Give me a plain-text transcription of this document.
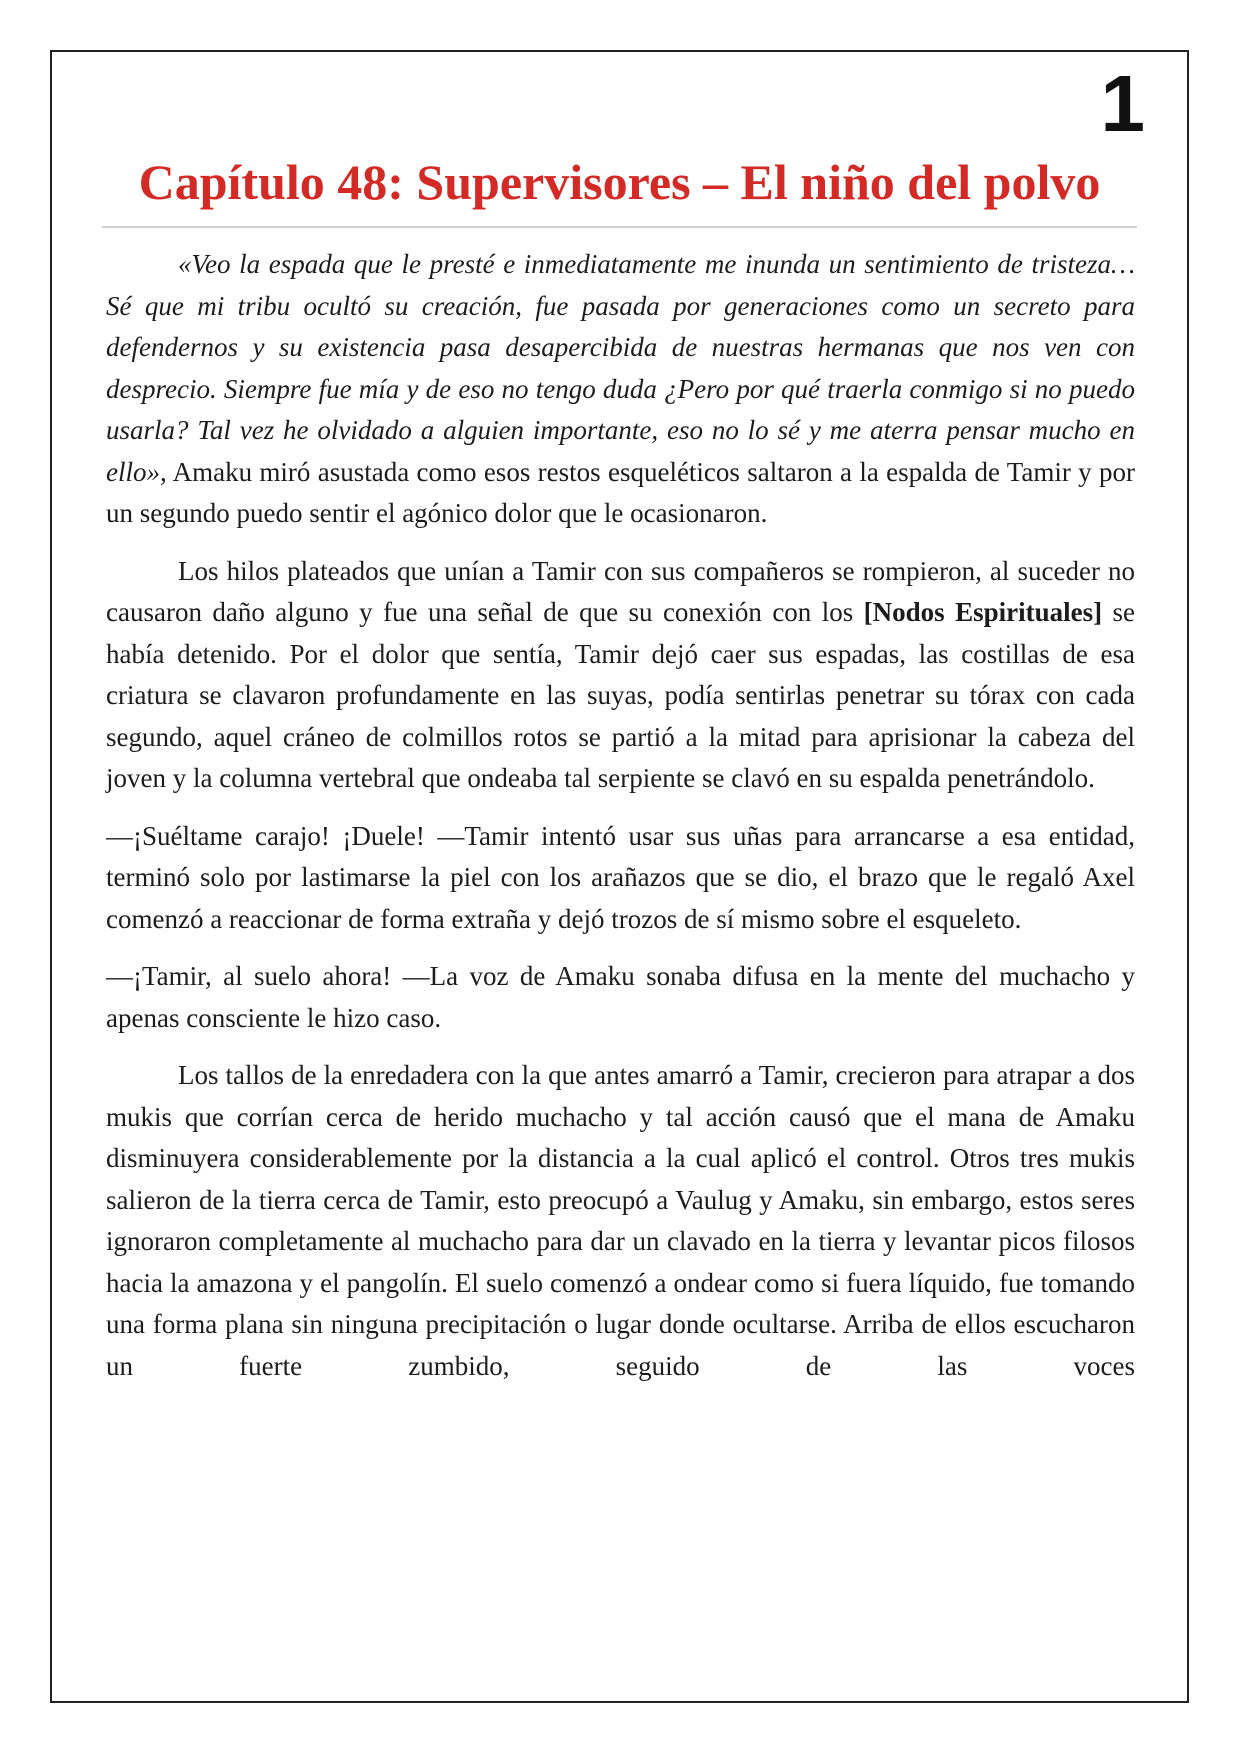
1
Capítulo 48: Supervisores – El niño del polvo

«Veo la espada que le presté e inmediatamente me inunda un sentimiento de tristeza… Sé que mi tribu ocultó su creación, fue pasada por generaciones como un secreto para defendernos y su existencia pasa desapercibida de nuestras hermanas que nos ven con desprecio. Siempre fue mía y de eso no tengo duda ¿Pero por qué traerla conmigo si no puedo usarla? Tal vez he olvidado a alguien importante, eso no lo sé y me aterra pensar mucho en ello», Amaku miró asustada como esos restos esqueléticos saltaron a la espalda de Tamir y por un segundo puedo sentir el agónico dolor que le ocasionaron.

Los hilos plateados que unían a Tamir con sus compañeros se rompieron, al suceder no causaron daño alguno y fue una señal de que su conexión con los [Nodos Espirituales] se había detenido. Por el dolor que sentía, Tamir dejó caer sus espadas, las costillas de esa criatura se clavaron profundamente en las suyas, podía sentirlas penetrar su tórax con cada segundo, aquel cráneo de colmillos rotos se partió a la mitad para aprisionar la cabeza del joven y la columna vertebral que ondeaba tal serpiente se clavó en su espalda penetrándolo.

—¡Suéltame carajo! ¡Duele! —Tamir intentó usar sus uñas para arrancarse a esa entidad, terminó solo por lastimarse la piel con los arañazos que se dio, el brazo que le regaló Axel comenzó a reaccionar de forma extraña y dejó trozos de sí mismo sobre el esqueleto.

—¡Tamir, al suelo ahora! —La voz de Amaku sonaba difusa en la mente del muchacho y apenas consciente le hizo caso.

Los tallos de la enredadera con la que antes amarró a Tamir, crecieron para atrapar a dos mukis que corrían cerca de herido muchacho y tal acción causó que el mana de Amaku disminuyera considerablemente por la distancia a la cual aplicó el control. Otros tres mukis salieron de la tierra cerca de Tamir, esto preocupó a Vaulug y Amaku, sin embargo, estos seres ignoraron completamente al muchacho para dar un clavado en la tierra y levantar picos filosos hacia la amazona y el pangolín. El suelo comenzó a ondear como si fuera líquido, fue tomando una forma plana sin ninguna precipitación o lugar donde ocultarse. Arriba de ellos escucharon un fuerte zumbido, seguido de las voces
